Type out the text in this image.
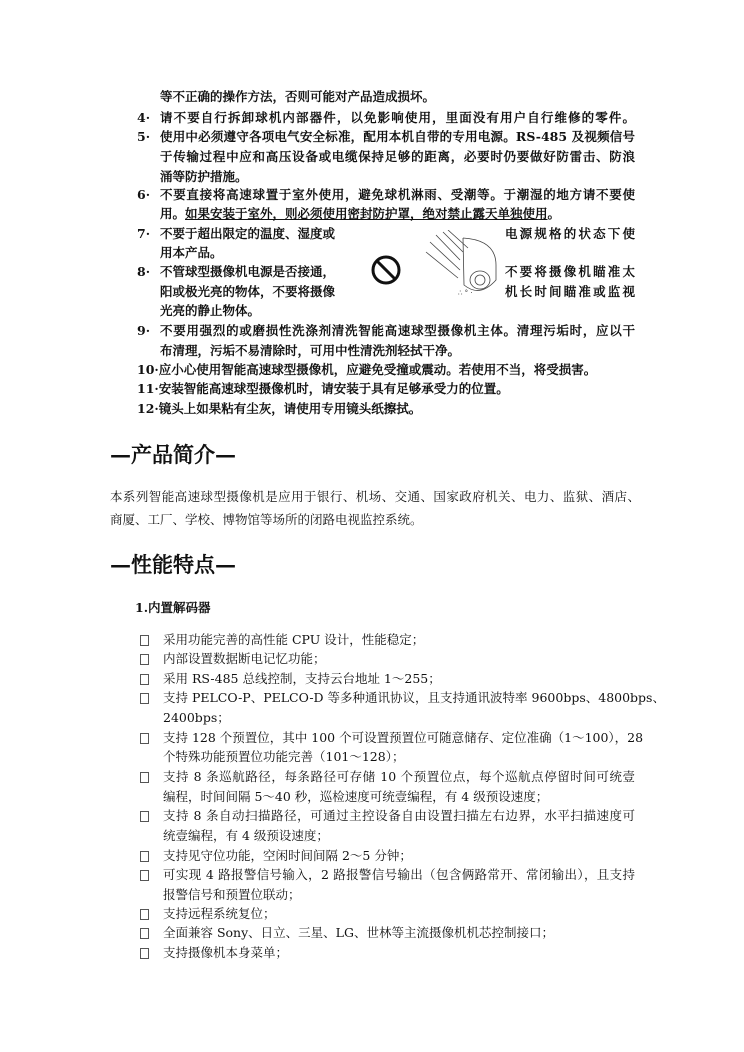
等不正确的操作方法，否则可能对产品造成损坏。
4· 请不要自行拆卸球机内部器件，以免影响使用，里面没有用户自行维修的零件。
5· 使用中必须遵守各项电气安全标准，配用本机自带的专用电源。RS-485 及视频信号
于传输过程中应和高压设备或电缆保持足够的距离，必要时仍要做好防雷击、防浪
涌等防护措施。
6· 不要直接将高速球置于室外使用，避免球机淋雨、受潮等。于潮湿的地方请不要使
用。如果安装于室外，则必须使用密封防护罩，绝对禁止露天单独使用。
7· 不要于超出限定的温度、湿度或	电源规格的状态下使
用本产品。
8· 不管球型摄像机电源是否接通，	不要将摄像机瞄准太
阳或极光亮的物体，不要将摄像	机长时间瞄准或监视
光亮的静止物体。
∴ ° ·
9· 不要用强烈的或磨损性洗涤剂清洗智能高速球型摄像机主体。清理污垢时，应以干
布清理，污垢不易清除时，可用中性清洗剂轻拭干净。
10·应小心使用智能高速球型摄像机，应避免受撞或震动。若使用不当，将受损害。
11·安装智能高速球型摄像机时，请安装于具有足够承受力的位置。
12·镜头上如果粘有尘灰，请使用专用镜头纸擦拭。
—产品简介—
本系列智能高速球型摄像机是应用于银行、机场、交通、国家政府机关、电力、监狱、酒店、
商厦、工厂、学校、博物馆等场所的闭路电视监控系统。
—性能特点—
1.内置解码器
采用功能完善的高性能 CPU 设计，性能稳定；
内部设置数据断电记忆功能；
采用 RS-485 总线控制，支持云台地址 1～255；
支持 PELCO-P、PELCO-D 等多种通讯协议，且支持通讯波特率 9600bps、4800bps、
2400bps；
支持 128 个预置位，其中 100 个可设置预置位可随意储存、定位准确（1～100），28
个特殊功能预置位功能完善（101～128）；
支持 8 条巡航路径，每条路径可存储 10 个预置位点，每个巡航点停留时间可统壹
编程，时间间隔 5～40 秒，巡检速度可统壹编程，有 4 级预设速度；
支持 8 条自动扫描路径，可通过主控设备自由设置扫描左右边界，水平扫描速度可
统壹编程，有 4 级预设速度；
支持见守位功能，空闲时间间隔 2～5 分钟；
可实现 4 路报警信号输入，2 路报警信号输出（包含俩路常开、常闭输出），且支持
报警信号和预置位联动；
支持远程系统复位；
全面兼容 Sony、日立、三星、LG、世林等主流摄像机机芯控制接口；
支持摄像机本身菜单；
